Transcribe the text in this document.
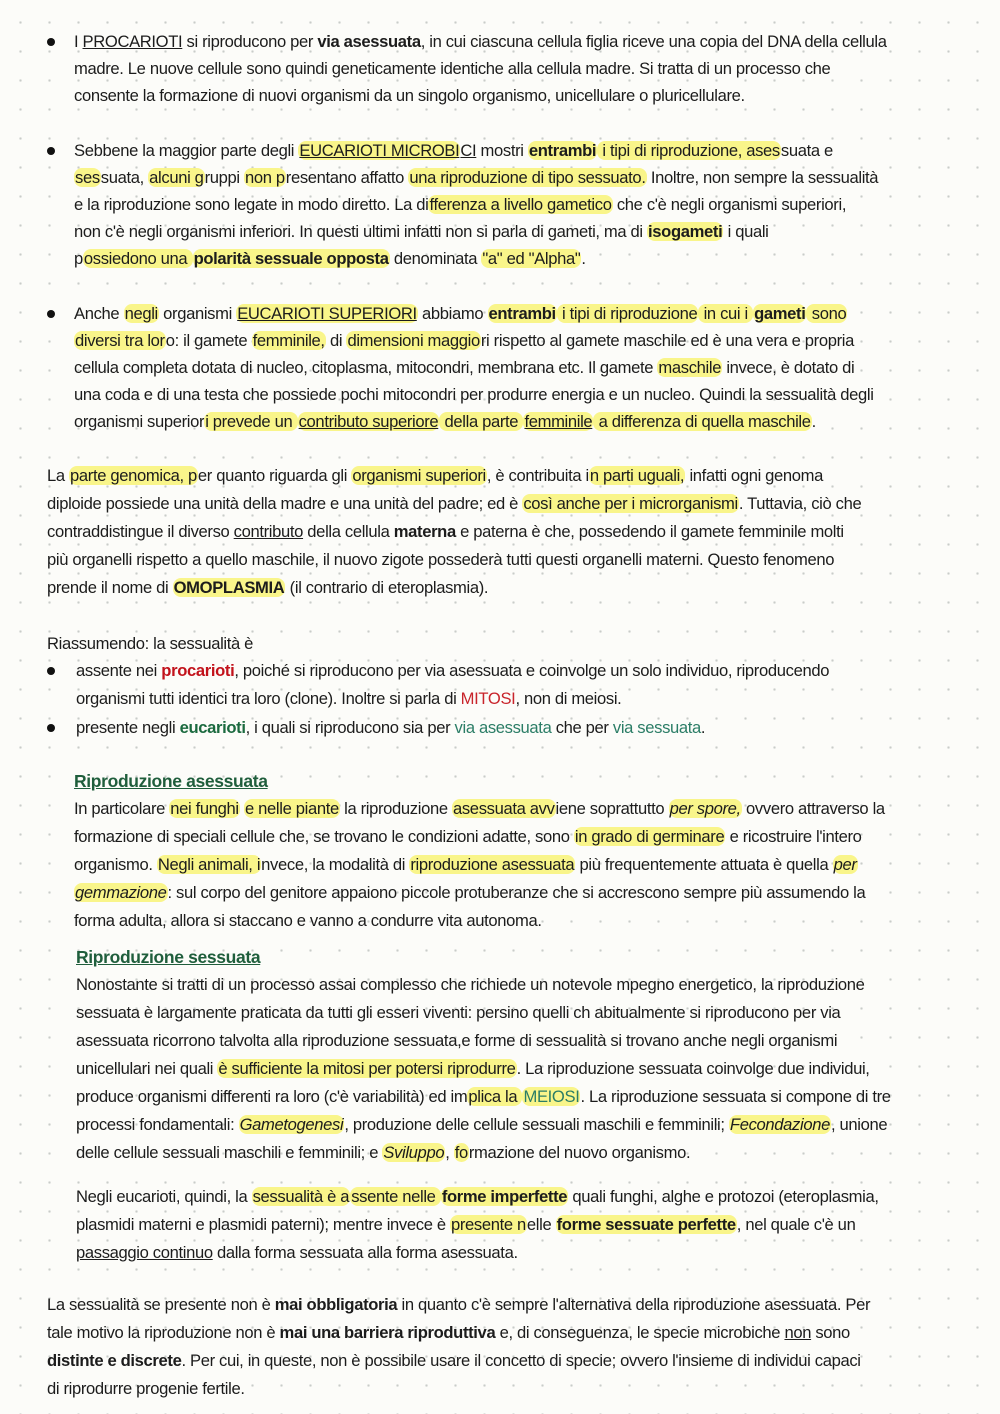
I PROCARIOTI si riproducono per via asessuata, in cui ciascuna cellula figlia riceve una copia del DNA della cellula

madre. Le nuove cellule sono quindi geneticamente identiche alla cellula madre. Si tratta di un processo che

consente la formazione di nuovi organismi da un singolo organismo, unicellulare o pluricellulare.

Sebbene la maggior parte degli EUCARIOTI MICROBICI mostri entrambi i tipi di riproduzione, asessuata e

sessuata, alcuni gruppi non presentano affatto una riproduzione di tipo sessuato. Inoltre, non sempre la sessualità

e la riproduzione sono legate in modo diretto. La differenza a livello gametico che c'è negli organismi superiori,

non c'è negli organismi inferiori. In questi ultimi infatti non si parla di gameti, ma di isogameti i quali

possiedono una polarità sessuale opposta denominata "a" ed "Alpha".

Anche negli organismi EUCARIOTI SUPERIORI abbiamo entrambi i tipi di riproduzione in cui i gameti sono

diversi tra loro: il gamete femminile, di dimensioni maggiori rispetto al gamete maschile ed è una vera e propria

cellula completa dotata di nucleo, citoplasma, mitocondri, membrana etc. Il gamete maschile invece, è dotato di

una coda e di una testa che possiede pochi mitocondri per produrre energia e un nucleo. Quindi la sessualità degli

organismi superiori prevede un contributo superiore della parte femminile a differenza di quella maschile.

La parte genomica, per quanto riguarda gli organismi superiori, è contribuita in parti uguali, infatti ogni genoma

diploide possiede una unità della madre e una unità del padre; ed è così anche per i microrganismi. Tuttavia, ciò che

contraddistingue il diverso contributo della cellula materna e paterna è che, possedendo il gamete femminile molti

più organelli rispetto a quello maschile, il nuovo zigote possederà tutti questi organelli materni. Questo fenomeno

prende il nome di OMOPLASMIA (il contrario di eteroplasmia).

Riassumendo: la sessualità è

assente nei procarioti, poiché si riproducono per via asessuata e coinvolge un solo individuo, riproducendo

organismi tutti identici tra loro (clone). Inoltre si parla di MITOSI, non di meiosi.

presente negli eucarioti, i quali si riproducono sia per via asessuata che per via sessuata.

Riproduzione asessuata

In particolare nei funghi e nelle piante la riproduzione asessuata avviene soprattutto per spore, ovvero attraverso la

formazione di speciali cellule che, se trovano le condizioni adatte, sono in grado di germinare e ricostruire l'intero

organismo. Negli animali, invece, la modalità di riproduzione asessuata più frequentemente attuata è quella per

gemmazione: sul corpo del genitore appaiono piccole protuberanze che si accrescono sempre più assumendo la

forma adulta, allora si staccano e vanno a condurre vita autonoma.

Riproduzione sessuata

Nonostante si tratti di un processo assai complesso che richiede un notevole mpegno energetico, la riproduzione

sessuata è largamente praticata da tutti gli esseri viventi: persino quelli ch abitualmente si riproducono per via

asessuata ricorrono talvolta alla riproduzione sessuata,e forme di sessualità si trovano anche negli organismi

unicellulari nei quali è sufficiente la mitosi per potersi riprodurre. La riproduzione sessuata coinvolge due individui,

produce organismi differenti ra loro (c'è variabilità) ed implica la MEIOSI. La riproduzione sessuata si compone di tre

processi fondamentali: Gametogenesi, produzione delle cellule sessuali maschili e femminili; Fecondazione, unione

delle cellule sessuali maschili e femminili; e Sviluppo, formazione del nuovo organismo.

Negli eucarioti, quindi, la sessualità è a ssente nelle forme imperfette quali funghi, alghe e protozoi (eteroplasmia,

plasmidi materni e plasmidi paterni); mentre invece è presente nelle forme sessuate perfette, nel quale c'è un

passaggio continuo dalla forma sessuata alla forma asessuata.

La sessualità se presente non è mai obbligatoria in quanto c'è sempre l'alternativa della riproduzione asessuata. Per

tale motivo la riproduzione non è mai una barriera riproduttiva e, di conseguenza, le specie microbiche non sono

distinte e discrete. Per cui, in queste, non è possibile usare il concetto di specie; ovvero l'insieme di individui capaci

di riprodurre progenie fertile.
